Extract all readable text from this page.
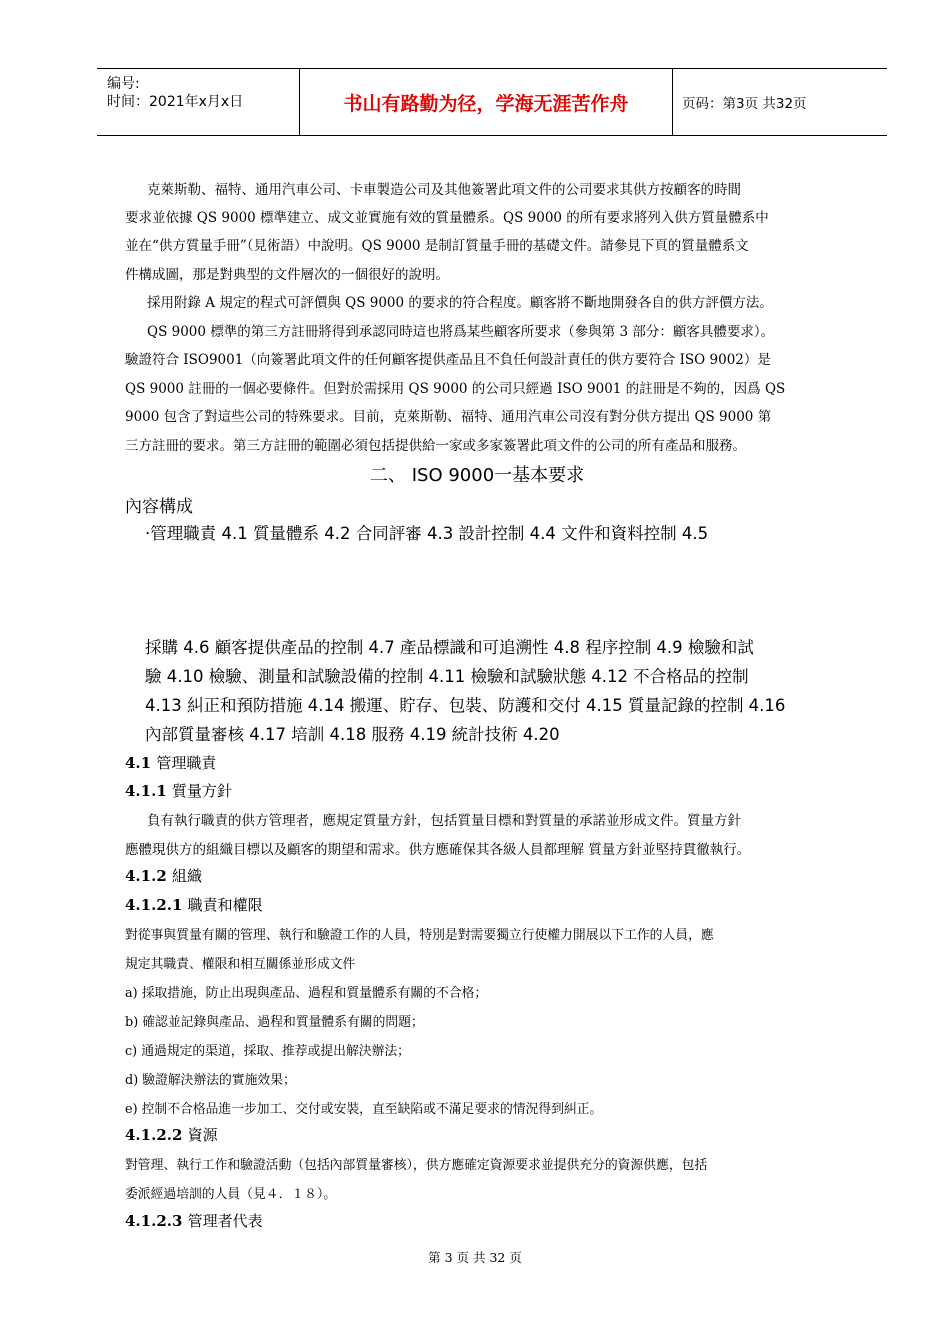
编号:
时间：2021年x月x日	书山有路勤为径，学海无涯苦作舟	页码：第3页 共32页
克萊斯勒、福特、通用汽車公司、卡車製造公司及其他簽署此項文件的公司要求其供方按顧客的時間
要求並依據 QS 9000 標準建立、成文並實施有效的質量體系。QS 9000 的所有要求將列入供方質量體系中
並在“供方質量手冊”（見術語）中說明。QS 9000 是制訂質量手冊的基礎文件。請參見下頁的質量體系文
件構成圖，那是對典型的文件層次的一個很好的說明。
採用附錄 A 規定的程式可評價與 QS 9000 的要求的符合程度。顧客將不斷地開發各自的供方評價方法。
QS 9000 標準的第三方註冊將得到承認同時這也將爲某些顧客所要求（參與第 3 部分：顧客具體要求）。
驗證符合 ISO9001（向簽署此項文件的任何顧客提供產品且不負任何設計責任的供方要符合 ISO 9002）是
QS 9000 註冊的一個必要條件。但對於需採用 QS 9000 的公司只經過 ISO 9001 的註冊是不夠的，因爲 QS
9000 包含了對這些公司的特殊要求。目前，克萊斯勒、福特、通用汽車公司沒有對分供方提出 QS 9000 第
三方註冊的要求。第三方註冊的範圍必須包括提供給一家或多家簽署此項文件的公司的所有產品和服務。
二、 ISO 9000一基本要求
內容構成
·管理職責 4.1 質量體系 4.2 合同評審 4.3 設計控制 4.4 文件和資料控制 4.5
採購 4.6 顧客提供產品的控制 4.7 產品標識和可追溯性 4.8 程序控制 4.9 檢驗和試
驗 4.10 檢驗、測量和試驗設備的控制 4.11 檢驗和試驗狀態 4.12 不合格品的控制
4.13 糾正和預防措施 4.14 搬運、貯存、包裝、防護和交付 4.15 質量記錄的控制 4.16
內部質量審核 4.17 培訓 4.18 服務 4.19 統計技術 4.20
4.1 管理職責
4.1.1 質量方針
負有執行職責的供方管理者，應規定質量方針，包括質量目標和對質量的承諾並形成文件。質量方針
應體現供方的組織目標以及顧客的期望和需求。供方應確保其各級人員都理解 質量方針並堅持貫徹執行。
4.1.2 組織
4.1.2.1 職責和權限
對從事與質量有關的管理、執行和驗證工作的人員，特別是對需要獨立行使權力開展以下工作的人員，應
規定其職責、權限和相互關係並形成文件
a) 採取措施，防止出現與產品、過程和質量體系有關的不合格；
b) 確認並記錄與產品、過程和質量體系有關的問題；
c) 通過規定的渠道，採取、推荐或提出解決辦法；
d) 驗證解決辦法的實施效果；
e) 控制不合格品進一步加工、交付或安裝，直至缺陷或不滿足要求的情況得到糾正。
4.1.2.2 資源
對管理、執行工作和驗證活動（包括內部質量審核），供方應確定資源要求並提供充分的資源供應，包括
委派經過培訓的人員（見４．１８）。
4.1.2.3 管理者代表
第 3 页 共 32 页
